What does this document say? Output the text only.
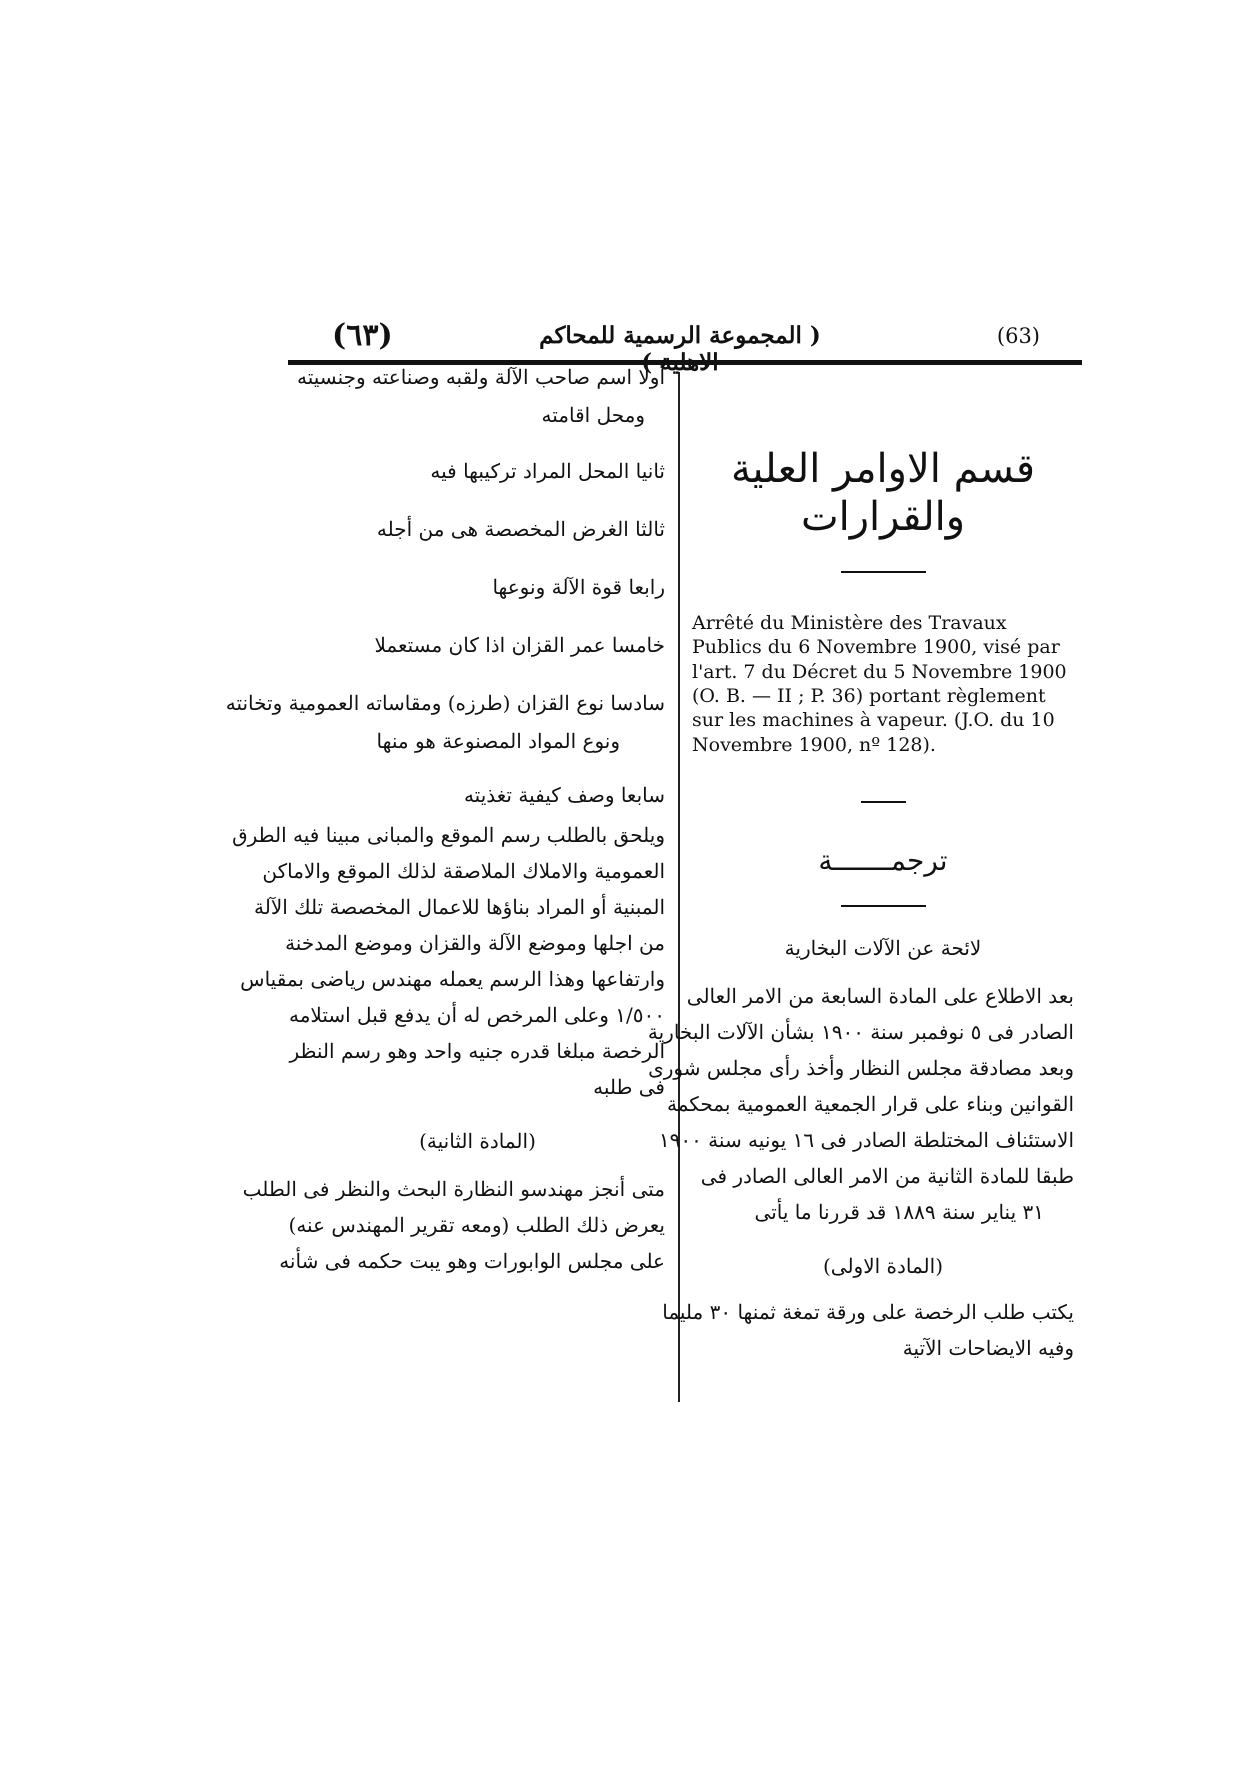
(٦٣)	( المجموعة الرسمية للمحاكم	(63)

أولا اسم صاحب الآلة ولقبه وصناعته وجنسيته

ومحل اقامته

ثانيا المحل المراد تركيبها فيه

ثالثا الغرض المخصصة هى من أجله

رابعا قوة الآلة ونوعها

خامسا عمر القزان اذا كان مستعملا

سادسا نوع القزان (طرزه) ومقاساته العمومية وتخانته

ونوع المواد المصنوعة هو منها

سابعا وصف كيفية تغذيته

ويلحق بالطلب رسم الموقع والمبانى مبينا فيه الطرق

العمومية والاملاك الملاصقة لذلك الموقع والاماكن

المبنية أو المراد بناؤها للاعمال المخصصة تلك الآلة

من اجلها وموضع الآلة والقزان وموضع المدخنة

وارتفاعها وهذا الرسم يعمله مهندس رياضى بمقياس

١/٥٠٠ وعلى المرخص له أن يدفع قبل استلامه

الرخصة مبلغا قدره جنيه واحد وهو رسم النظر

فى طلبه

(المادة الثانية)

متى أنجز مهندسو النظارة البحث والنظر فى الطلب

يعرض ذلك الطلب (ومعه تقرير المهندس عنه)

على مجلس الوابورات وهو يبت حكمه فى شأنه

قسم الاوامر العلية والقرارات

Arrêté du Ministère des Travaux Publics du 6 Novembre 1900, visé par l'art. 7 du Décret du 5 Novembre 1900 (O. B. — II ; P. 36) portant règlement sur les machines à vapeur. (J.O. du 10 Novembre 1900, nº 128).

ترجمـــــــة

لائحة عن الآلات البخارية

بعد الاطلاع على المادة السابعة من الامر العالى

الصادر فى ٥ نوفمبر سنة ١٩٠٠ بشأن الآلات البخارية

وبعد مصادقة مجلس النظار وأخذ رأى مجلس شورى

القوانين وبناء على قرار الجمعية العمومية بمحكمة

الاستئناف المختلطة الصادر فى ١٦ يونيه سنة ١٩٠٠

طبقا للمادة الثانية من الامر العالى الصادر فى

٣١ يناير سنة ١٨٨٩ قد قررنا ما يأتى

(المادة الاولى)

يكتب طلب الرخصة على ورقة تمغة ثمنها ٣٠ مليما

وفيه الايضاحات الآتية
